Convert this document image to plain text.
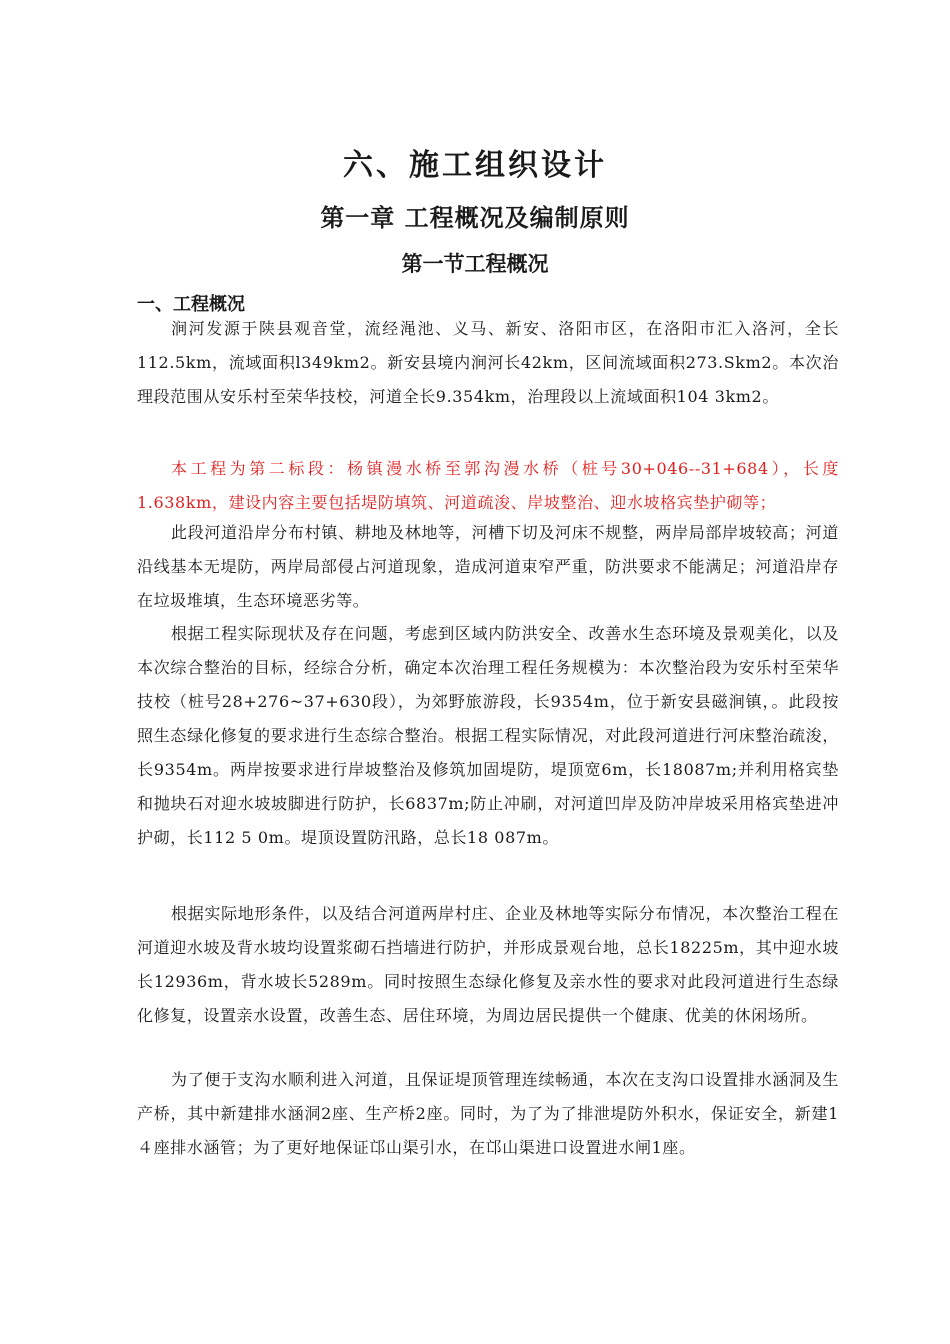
六、施工组织设计
第一章 工程概况及编制原则
第一节工程概况
一、工程概况

涧河发源于陕县观音堂，流经渑池、义马、新安、洛阳市区，在洛阳市汇入洛河，全长112.5km，流域面积l349km2。新安县境内涧河长42km，区间流域面积273.Skm2。本次治理段范围从安乐村至荣华技校，河道全长9.354km，治理段以上流域面积104 3km2。

本工程为第二标段：杨镇漫水桥至郭沟漫水桥（桩号30+046--31+684），长度1.638km，建设内容主要包括堤防填筑、河道疏浚、岸坡整治、迎水坡格宾垫护砌等；

此段河道沿岸分布村镇、耕地及林地等，河槽下切及河床不规整，两岸局部岸坡较高；河道沿线基本无堤防，两岸局部侵占河道现象，造成河道束窄严重，防洪要求不能满足；河道沿岸存在垃圾堆填，生态环境恶劣等。

根据工程实际现状及存在问题，考虑到区域内防洪安全、改善水生态环境及景观美化，以及本次综合整治的目标，经综合分析，确定本次治理工程任务规模为：本次整治段为安乐村至荣华技校（桩号28+276~37+630段），为郊野旅游段，长9354m，位于新安县磁涧镇，。此段按照生态绿化修复的要求进行生态综合整治。根据工程实际情况，对此段河道进行河床整治疏浚，长9354m。两岸按要求进行岸坡整治及修筑加固堤防，堤顶宽6m，长18087m;并利用格宾垫和抛块石对迎水坡坡脚进行防护，长6837m;防止冲刷，对河道凹岸及防冲岸坡采用格宾垫进冲护砌，长112 5 0m。堤顶设置防汛路，总长18 087m。

根据实际地形条件，以及结合河道两岸村庄、企业及林地等实际分布情况，本次整治工程在河道迎水坡及背水坡均设置浆砌石挡墙进行防护，并形成景观台地，总长18225m，其中迎水坡长12936m，背水坡长5289m。同时按照生态绿化修复及亲水性的要求对此段河道进行生态绿化修复，设置亲水设置，改善生态、居住环境，为周边居民提供一个健康、优美的休闲场所。

为了便于支沟水顺利进入河道，且保证堤顶管理连续畅通，本次在支沟口设置排水涵洞及生产桥，其中新建排水涵洞2座、生产桥2座。同时，为了为了排泄堤防外积水，保证安全，新建1４座排水涵管；为了更好地保证邙山渠引水，在邙山渠进口设置进水闸1座。
